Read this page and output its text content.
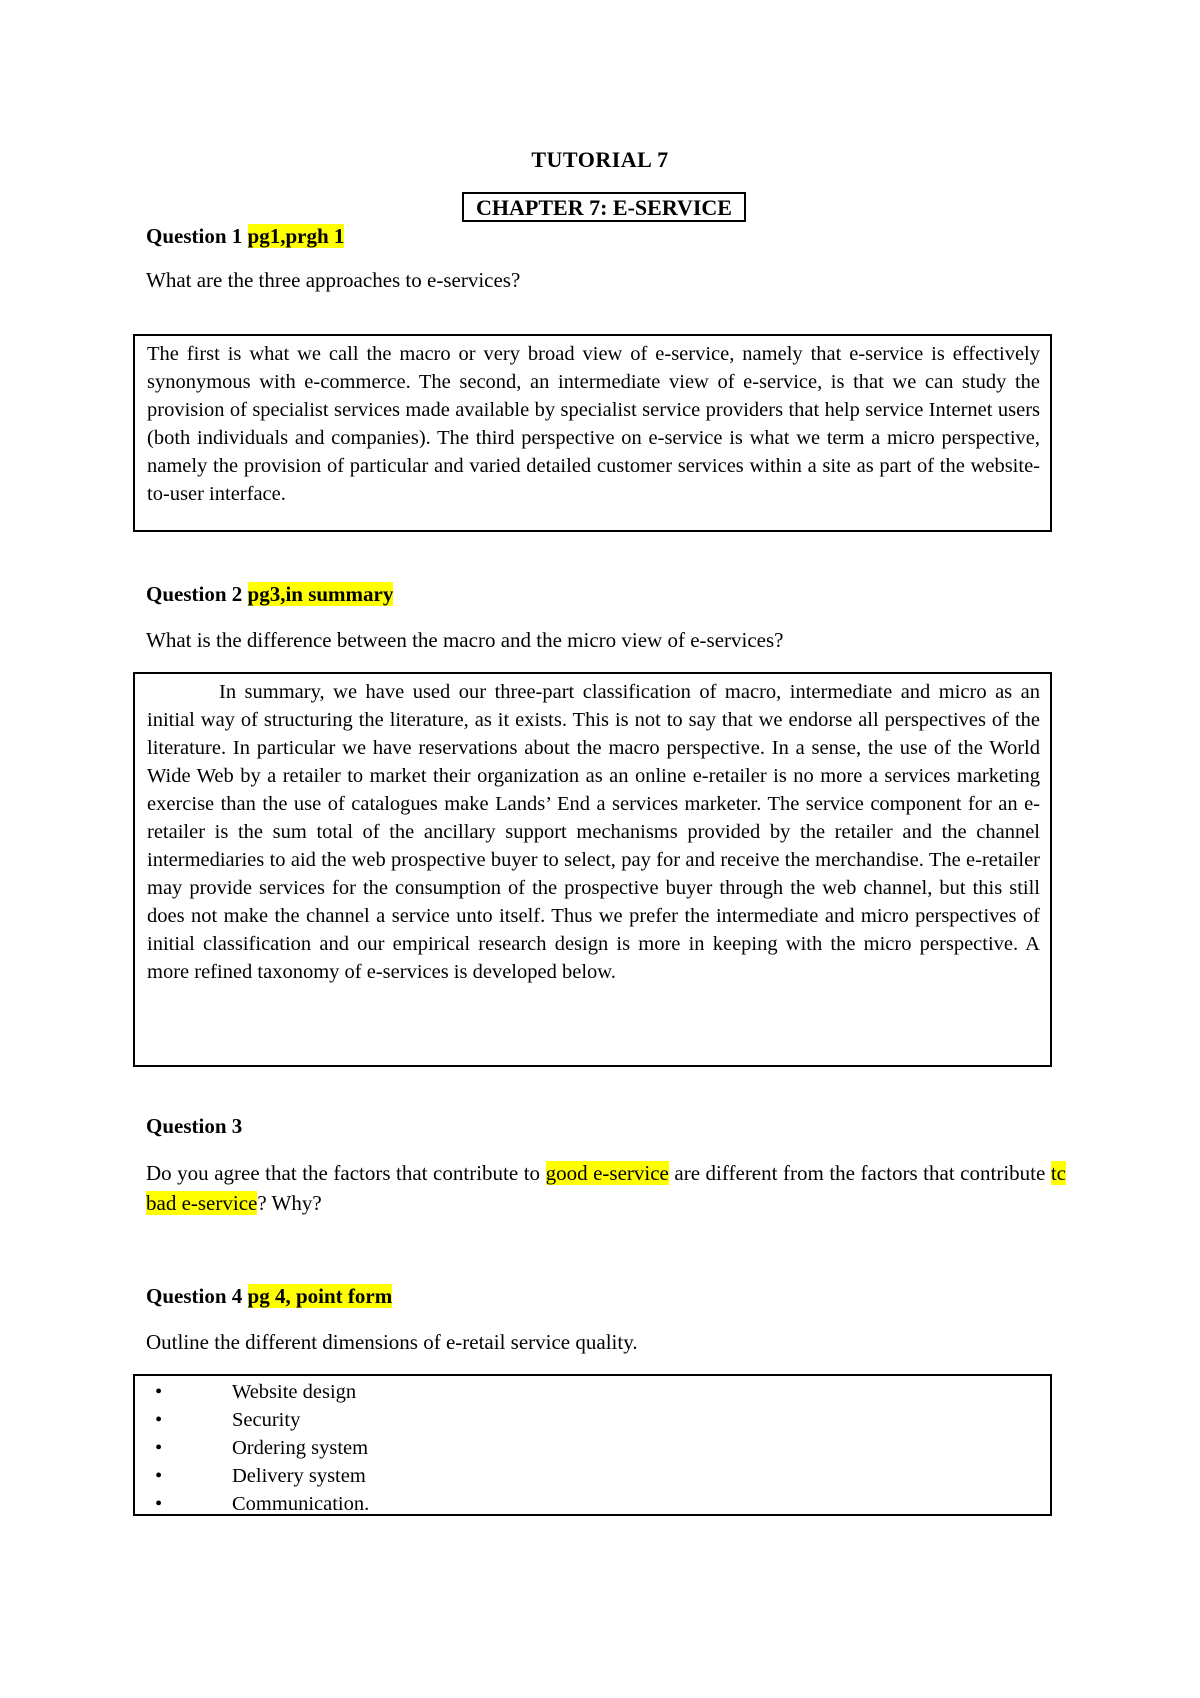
TUTORIAL 7
CHAPTER 7: E-SERVICE
Question 1 pg1,prgh 1
What are the three approaches to e-services?

The first is what we call the macro or very broad view of e-service, namely that e-service is effectively synonymous with e-commerce. The second, an intermediate view of e-service, is that we can study the provision of specialist services made available by specialist service providers that help service Internet users (both individuals and companies). The third perspective on e-service is what we term a micro perspective, namely the provision of particular and varied detailed customer services within a site as part of the website-to-user interface.

Question 2 pg3,in summary
What is the difference between the macro and the micro view of e-services?

In summary, we have used our three-part classification of macro, intermediate and micro as an initial way of structuring the literature, as it exists. This is not to say that we endorse all perspectives of the literature. In particular we have reservations about the macro perspective. In a sense, the use of the World Wide Web by a retailer to market their organization as an online e-retailer is no more a services marketing exercise than the use of catalogues make Lands’ End a services marketer. The service component for an e-retailer is the sum total of the ancillary support mechanisms provided by the retailer and the channel intermediaries to aid the web prospective buyer to select, pay for and receive the merchandise. The e-retailer may provide services for the consumption of the prospective buyer through the web channel, but this still does not make the channel a service unto itself. Thus we prefer the intermediate and micro perspectives of initial classification and our empirical research design is more in keeping with the micro perspective. A more refined taxonomy of e-services is developed below.

Question 3
Do you agree that the factors that contribute to good e-service are different from the factors that contribute tc bad e-service? Why?
Question 4 pg 4, point form
Outline the different dimensions of e-retail service quality.
•	Website design
•	Security
•	Ordering system
•	Delivery system
•	Communication.
